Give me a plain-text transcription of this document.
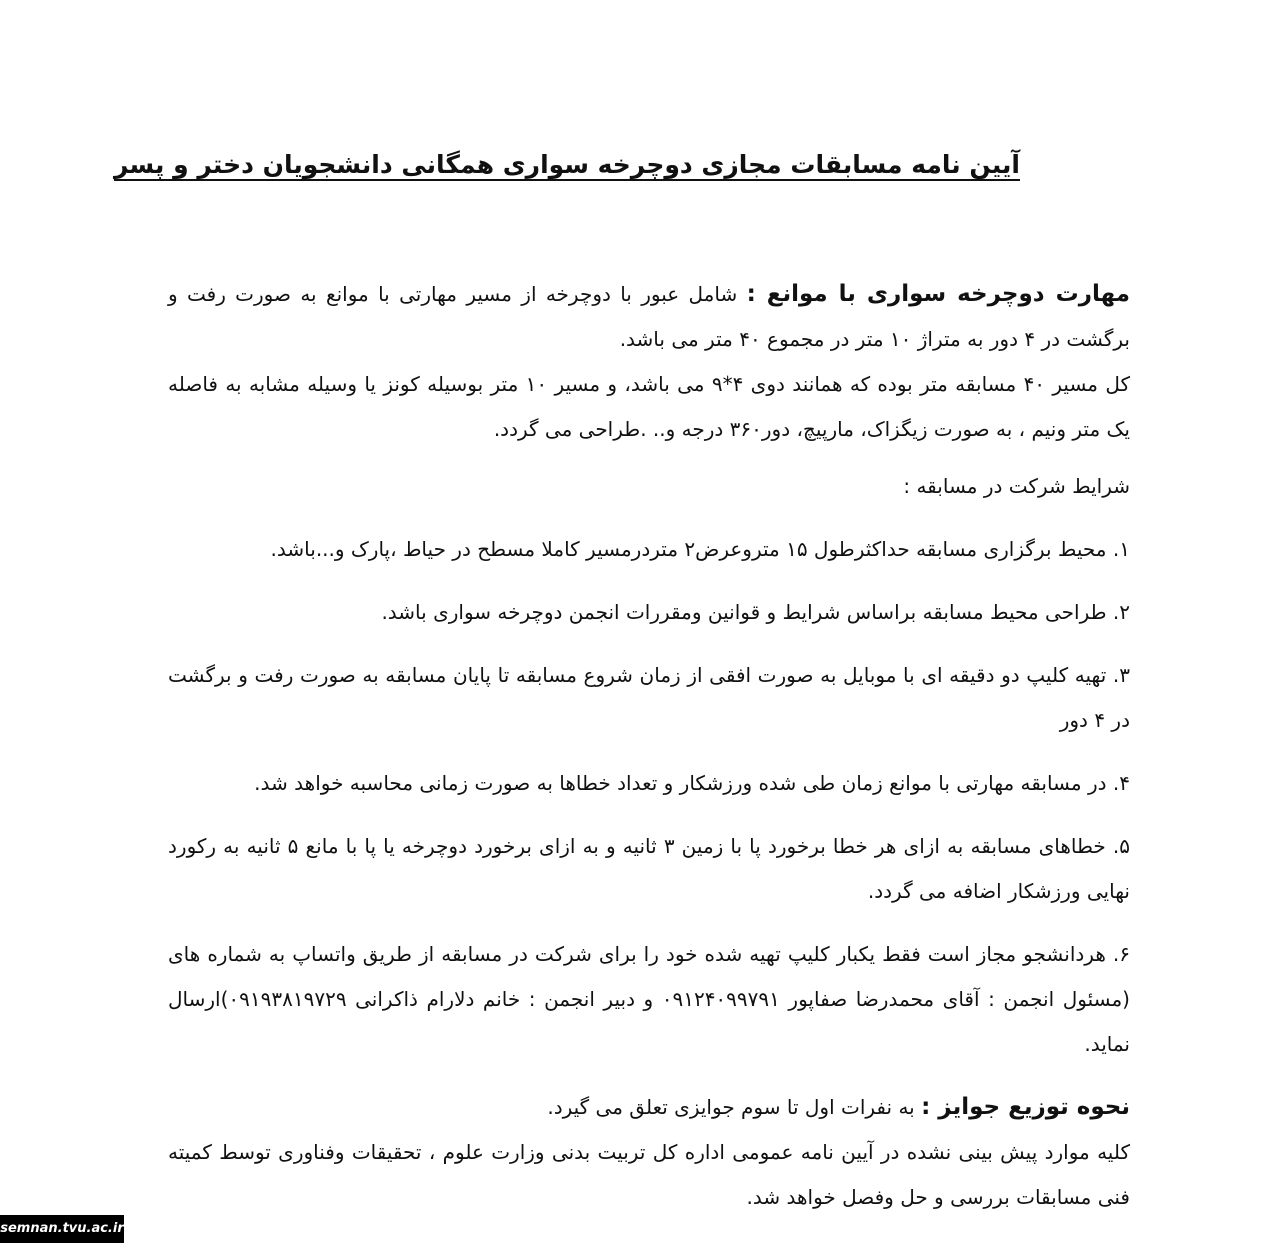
آیین نامه مسابقات مجازی دوچرخه سواری همگانی دانشجویان دختر و پسر

مهارت دوچرخه سواری با موانع : شامل عبور با دوچرخه از مسیر مهارتی با موانع به صورت رفت و برگشت در ۴ دور به متراژ ۱۰ متر در مجموع ۴۰ متر می باشد.

کل مسیر ۴۰ مسابقه متر بوده که همانند دوی ۴*۹ می باشد، و مسیر ۱۰ متر بوسیله کونز یا وسیله مشابه به فاصله یک متر ونیم ، به صورت زیگزاک، مارپیچ، دور۳۶۰ درجه و.. .طراحی می گردد.

شرایط شرکت در مسابقه :

۱. محیط برگزاری مسابقه حداکثرطول ۱۵ متروعرض۲ متردرمسیر کاملا مسطح در حیاط ،پارک و...باشد.

۲. طراحی محیط مسابقه براساس شرایط و قوانین ومقررات انجمن دوچرخه سواری باشد.

۳. تهیه کلیپ دو دقیقه ای با موبایل به صورت افقی از زمان شروع مسابقه تا پایان مسابقه به صورت رفت و برگشت در ۴ دور

۴. در مسابقه مهارتی با موانع زمان طی شده ورزشکار و تعداد خطاها به صورت زمانی محاسبه خواهد شد.

۵. خطاهای مسابقه به ازای هر خطا برخورد پا با زمین ۳ ثانیه و به ازای برخورد دوچرخه یا پا با مانع ۵ ثانیه به رکورد نهایی ورزشکار اضافه می گردد.

۶. هردانشجو مجاز است فقط یکبار کلیپ تهیه شده خود را برای شرکت در مسابقه از طریق واتساپ به شماره های (مسئول انجمن : آقای محمدرضا صفاپور ۰۹۱۲۴۰۹۹۷۹۱ و دبیر انجمن : خانم دلارام ذاکرانی ۰۹۱۹۳۸۱۹۷۲۹)ارسال نماید.

نحوه توزیع جوایز : به نفرات اول تا سوم جوایزی تعلق می گیرد.

کلیه موارد پیش بینی نشده در آیین نامه عمومی اداره کل تربیت بدنی وزارت علوم ، تحقیقات وفناوری توسط کمیته فنی مسابقات بررسی و حل وفصل خواهد شد.

semnan.tvu.ac.ir
